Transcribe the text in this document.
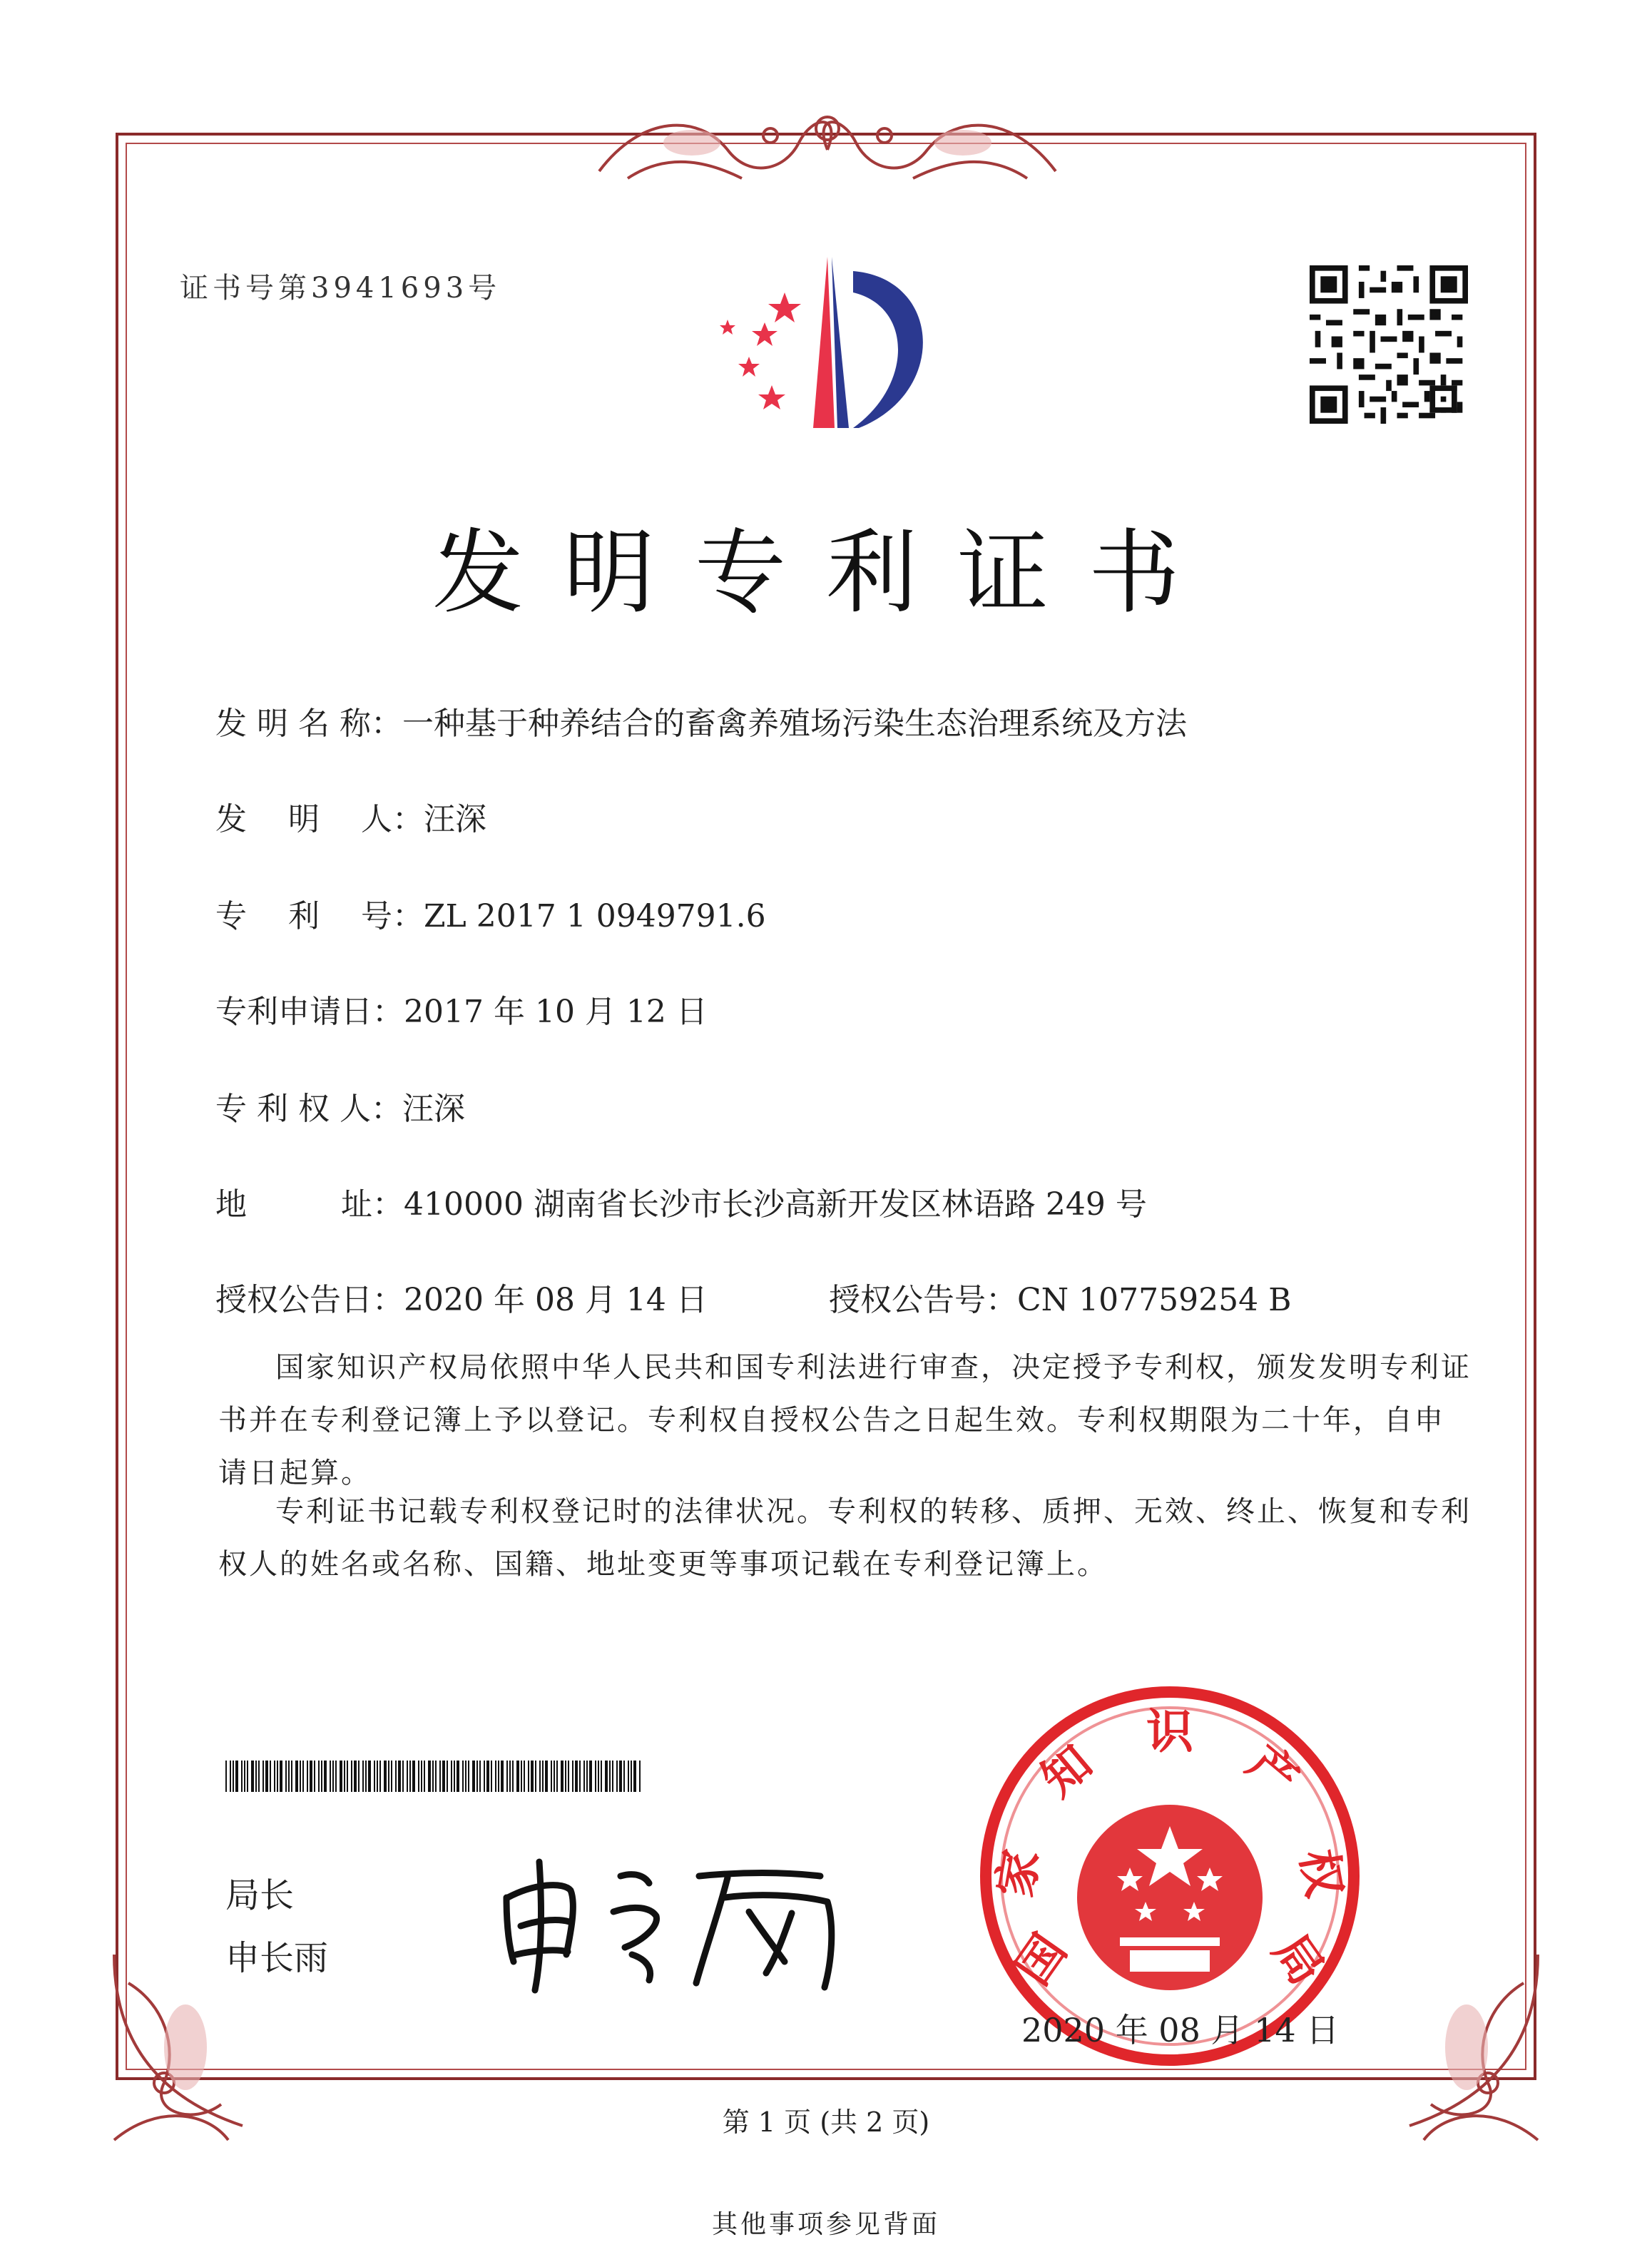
证书号第3941693号
发明专利证书
发 明 名 称：一种基于种养结合的畜禽养殖场污染生态治理系统及方法
发　 明　 人：汪深
专　 利　 号：ZL 2017 1 0949791.6
专利申请日：2017 年 10 月 12 日
专 利 权 人：汪深
地　　　址：410000 湖南省长沙市长沙高新开发区林语路 249 号
授权公告日：2020 年 08 月 14 日	授权公告号：CN 107759254 B
国家知识产权局依照中华人民共和国专利法进行审查，决定授予专利权，颁发发明专利证书并在专利登记簿上予以登记。专利权自授权公告之日起生效。专利权期限为二十年，自申请日起算。
专利证书记载专利权登记时的法律状况。专利权的转移、质押、无效、终止、恢复和专利权人的姓名或名称、国籍、地址变更等事项记载在专利登记簿上。
局长
申长雨	国
家
知
识
产
权
局
2020 年 08 月 14 日
第 1 页 (共 2 页)
其他事项参见背面
